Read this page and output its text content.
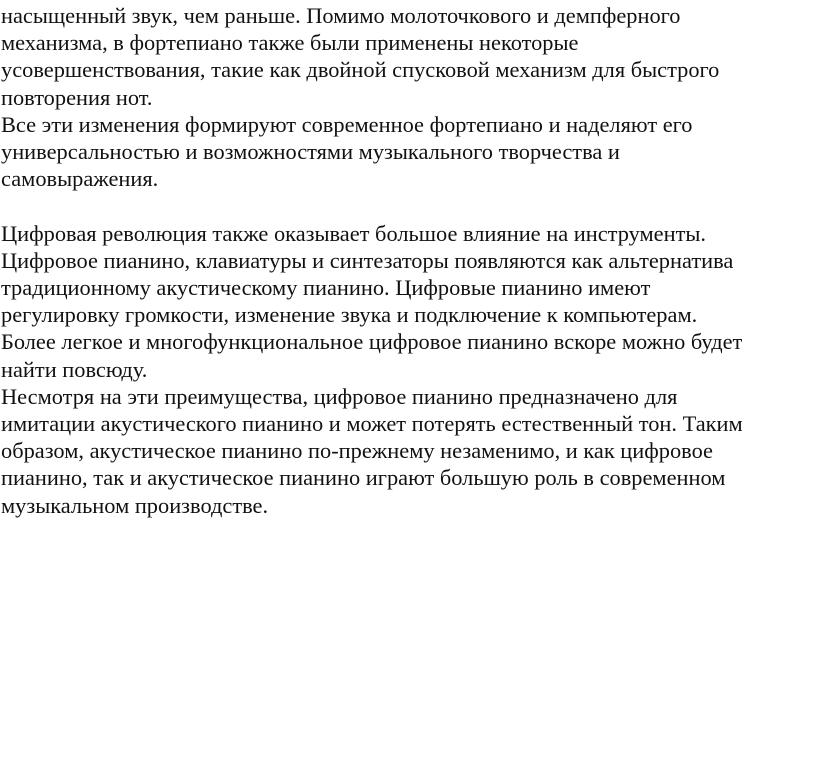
насыщенный звук, чем раньше. Помимо молоточкового и демпферного
механизма, в фортепиано также были применены некоторые
усовершенствования, такие как двойной спусковой механизм для быстрого
повторения нот.
Все эти изменения формируют современное фортепиано и наделяют его
универсальностью и возможностями музыкального творчества и
самовыражения.
Цифровая революция также оказывает большое влияние на инструменты.
Цифровое пианино, клавиатуры и синтезаторы появляются как альтернатива
традиционному акустическому пианино. Цифровые пианино имеют
регулировку громкости, изменение звука и подключение к компьютерам.
Более легкое и многофункциональное цифровое пианино вскоре можно будет
найти повсюду.
Несмотря на эти преимущества, цифровое пианино предназначено для
имитации акустического пианино и может потерять естественный тон. Таким
образом, акустическое пианино по-прежнему незаменимо, и как цифровое
пианино, так и акустическое пианино играют большую роль в современном
музыкальном производстве.
